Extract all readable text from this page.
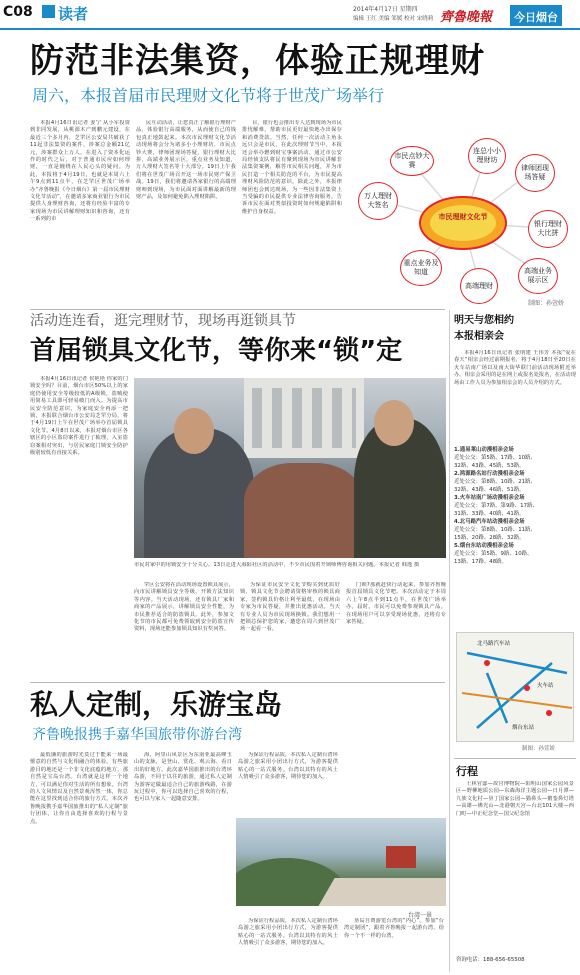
C08 读者	2014年4月17日 星期四
编辑 王红 美编 邹媛 校对 宋晓莉 齊魯晚報	今日烟台
防范非法集资，体验正规理财
周六，本报首届市民理财文化节将于世茂广场举行

本报4月16日讯记者 姜宁 从小军投资到非同发展，从桃源木产到鹏元建设，在最近三个多月内，芝罘区公安局共破获了11起非法集资的案件，涉案总金额21亿元，涉案群众上万人。在进入了资本化运作的时代之后，对于普通市民应如何理财，一直是缠绕在人民心头的疑问。为此，本报将于4月19日，也就是本周六上午9点到11点半，在芝罘区世茂广场举办“齐鲁晚报《今日烟台》第一届市民理财文化节活动”，在邀请多家商业银行为市民提供人身理财咨询，还将有经验丰富的专家现场为市民讲解理财知识和咨询，还有一系列的市

民互动活动，让您真正了解银行理财产品，体验银行高端服务，从而使自己的钱包真正地鼓起来。本次市民理财文化节活动现场将会分为诸多小小理财坊，市民点钞大赛，律师团现场答疑，银行理财大比拼，高端业务展示区，重点业务及知道，万人理财大签名等十大部分。19日上午我们将在世茂广场召开这一场市民财产保卫战。19日，我们将邀请各家银行的高端理财师到现场，为市民面对面讲解最新的理财产品，及如何避免陷入理财陷阱。

目，银行也会推出专人达到现场为市民排忧解难，帮助市民更好最快地办出保存和消费贷款。当然，任何一次活动主角永远只会是市民，在此次理财节当中，本报还会举办燃到财宝事案活动。通过市公安局经侦支队将民有聚到现场为市民讲解非法集资案例，解答市民相关问题，并为市民打造一个相关防范的平台，为市民提高理财风险防范的意识。除此之外，本报律师团也会到达现场，为一些因非法集资上当受骗的市民提供专业法律咨询服务，告诉市民在面对类似投资时如何规避陷阱和维护自身权益。

市民理财文化节
市民点钞大赛
连总小小理财坊
律师团现场答疑
银行理财大比拼
高端业务展示区
高端理财
重点业务及知道
万人理财大签名
制图：孙萱娇
活动连连看，逛完理财节，现场再逛锁具节
首届锁具文化节，等你来“锁”定

本报4月16日讯记者 侯艳艳 你家的门锁安全吗？目前，烟台市区50%以上的家庭仍使用安全等级较低的A级锁，盗贼使用简易工具即可轻易破门而入。为提高市民安全防范意识，为家庭安全再添一把锁，本报联合烟台市公安局芝罘分局，将于4月19日上午在世茂广场举办首届锁具文化节。4月8日以来，本报对烟台市区各辖区的小区盗窃案件进行了梳理，入室盗窃案相对突出，与居民家庭门锁安全防护级别较低有直接关系。

市民对家中的用锁安全十分关心。13日走进大海阳社区的活动中，不少市民围着开锁师傅咨询相关问题。本报记者 韩逸 摄

罘区公安将在活动现场设置锁具展示，向市民讲解锁具安全等级、开锁方法知识等内容。当天活动现场，还有锁具厂家和商家的产品展示，讲解锁具安全性能，为市民推荐适合的防盗锁具。此外，参加文化节的市民都可免费领取到安全防盗宣传资料，现场还能参加锁具知识有奖问答。

为保证市民安全文化节购买到优质好锁，锁具文化节会聘请资格审核的锁具商家，签约锁具价格让利至最低，在现场由专家为市民答疑，并推出优惠活动。当天有专业人员为市民现场换锁。我们想用一把锁芯保护您的家，邀您在周六到世茂广场一起看一看。

门锁?那就赶快行动起来，参加齐鲁晚报首届锁具文化节吧。本次活动定于本周六上午8点半到11点半，在世茂广场举办。届时，市民可以免费参观锁具产品。在现场用户可以享受现场优惠，还将有专家答疑。

私人定制，乐游宝岛
齐鲁晚报携手嘉华国旅带你游台湾

最低廉的旅游时光莫过于能来一场最惬意的自然与文化相融合的体验。有些旅游目的地还是一个非文化底蕴的地方，那自然是宝岛台湾。台湾就是这样一个地方，可以满足你对生活的所有想象。台湾的人文风情以及自然景观浑然一体，你总能在这里找到适合你的旅行方式。本次齐鲁晚报携手嘉华国旅推出的“私人定制”旅行团体，让你自由选择喜欢的行程与景点。

海，阿里山风景区为东南亚最高峰玉山的支脉，是登山、赏花、观云海、看日出的好地方。此次嘉华国旅推出的台湾环岛游，不同于以往的旅游，通过私人定制为游客定做最适合自己的旅游线路，在游玩过程中，你可以选择自己喜欢的行程，也可以与家人一起随意安排。

为保证行程品质，本次私人定制台湾环岛游之旅采用小团出行方式，为游客提供贴心的一站式服务。台湾以其特有的风土人情吸引了众多游客，期待您的加入。

台湾一景

为保证行程品质，本次私人定制台湾环岛游之旅采用小团出行方式，为游客提供贴心的一站式服务。台湾以其特有的风土人情吸引了众多游客，期待您的加入。

垦岛自费游览台湾的“内心”。参加“台湾定制团”，跟着齐鲁晚报一起游台湾，给你一个不一样的台湾。

明天与您相约
本报相亲会

本报4月16日讯记者 张明建 王伟芳 本报“爱在春天”相亲会经过前期报名，将于4月18日至20日在火车站南广场以及南大街华联门前活动现场附近举办。相亲会采用的是在网上或报名处报名，在活动现场由工作人员为参加相亲会的人员介绍的方式。

1.通易莱山动漫相亲会场
近处公交：第5路、17路、10路、
32路、43路、45路、53路。
2.鸿源路名站行动漫相亲会场
近处公交：第8路、10路、21路、
32路、43路、46路、51路。
3.火车站南广场动漫相亲会场
近处公交：第7路、第9路、17路、
31路、33路、40路、41路。
4.北马路汽车站动漫相亲会场
近处公交：第8路、10路、11路、
15路、20路、28路、32路。
5.烟台东站动漫相亲会场
近处公交：第5路、9路、10路、
13路、17路、48路。
北马路汽车站
火车站
烟台东站
制图：孙萱娇
行程

士林官邸—故宫博物院—阳明山国家公园风景区—野柳地质公园—东森海洋主题公园—日月潭—九族文化村—垦丁国家公园—猫鼻头—鹅銮鼻灯塔—高雄—佛光山—北港朝天宫—台北101大楼—西门町—中正纪念堂—国父纪念馆

咨询电话：188-656-65508
